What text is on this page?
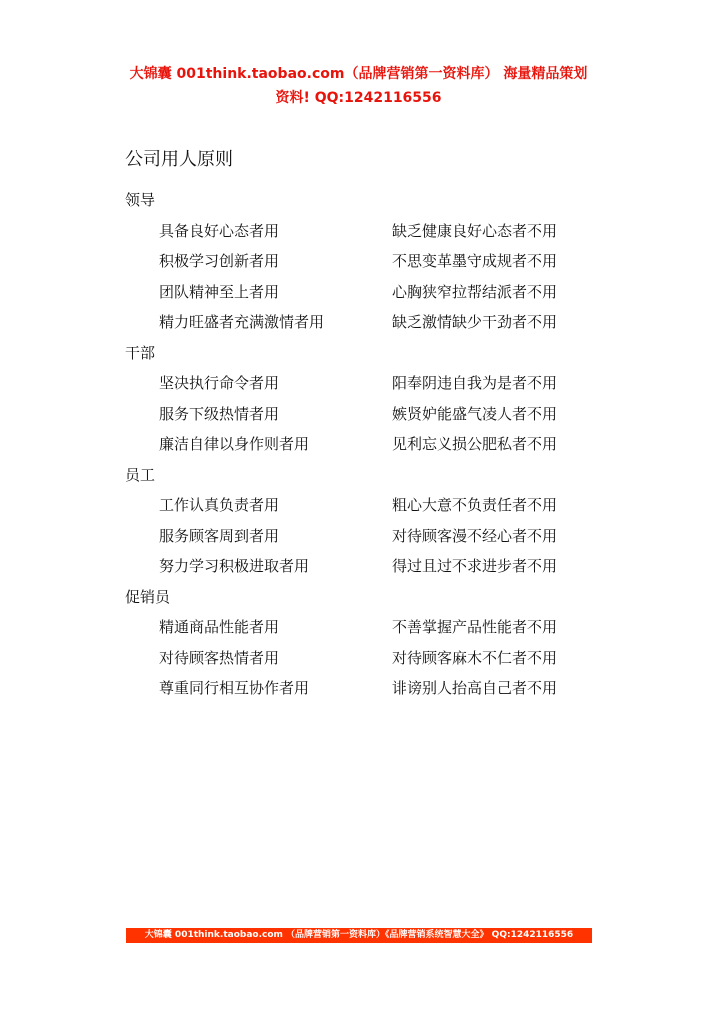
大锦囊 001think.taobao.com（品牌营销第一资料库） 海量精品策划
资料! QQ:1242116556
公司用人原则
领导
具备良好心态者用	缺乏健康良好心态者不用
积极学习创新者用	不思变革墨守成规者不用
团队精神至上者用	心胸狭窄拉帮结派者不用
精力旺盛者充满激情者用	缺乏激情缺少干劲者不用
干部
坚决执行命令者用	阳奉阴违自我为是者不用
服务下级热情者用	嫉贤妒能盛气凌人者不用
廉洁自律以身作则者用	见利忘义损公肥私者不用
员工
工作认真负责者用	粗心大意不负责任者不用
服务顾客周到者用	对待顾客漫不经心者不用
努力学习积极进取者用	得过且过不求进步者不用
促销员
精通商品性能者用	不善掌握产品性能者不用
对待顾客热情者用	对待顾客麻木不仁者不用
尊重同行相互协作者用	诽谤别人抬高自己者不用
大锦囊 001think.taobao.com （品牌营销第一资料库）《品牌营销系统智慧大全》 QQ:1242116556
